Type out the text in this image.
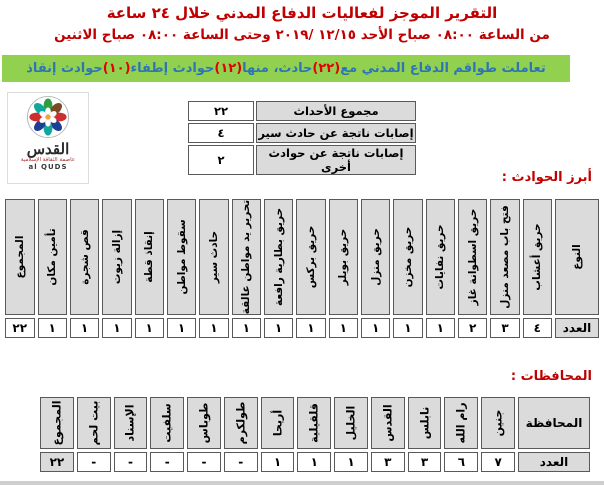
التقرير الموجز لفعاليات الدفاع المدني خلال ٢٤ ساعة
من الساعة ٠٨:٠٠ صباح الأحد ١٢/١٥ /٢٠١٩ وحتى الساعة ٠٨:٠٠ صباح الاثنين
تعاملت طواقم الدفاع المدني مع
(٢٢)
حادث، منها
(١٢)
حوادث إطفاء
(١٠)
حوادث إنقاذ
القدس
عاصمة الثقافة الإسلامية
al QUDS
مجموع الأحداث	٢٢
إصابات ناتجة عن حادث سير	٤
إصابات ناتجة عن حوادث أخرى	٢
أبرز الحوادث :
النوع	حريق أعشاب	فتح باب مصعد منزل	حريق اسطوانة غاز	حريق نفايات	حريق مخزن	حريق منزل	حريق بويلر	حريق بركس	حريق بطارية رافعة	تحرير يد مواطن عالقة	حادث سير	سقوط مواطن	إنقاذ قطة	إزالة زيوت	قص شجرة	تأمين مكان	المجموع

العدد	٤	٣	٢	١	١	١	١	١	١	١	١	١	١	١	١	١	٢٢
المحافظات :
المحافظة	جنين	رام الله	نابلس	القدس	الخليل	قلقيلية	أريحا	طولكرم	طوباس	سلفيت	الإسناد	بيت لحم	المجموع

العدد	٧	٦	٣	٣	١	١	١	-	-	-	-	-	٢٢
